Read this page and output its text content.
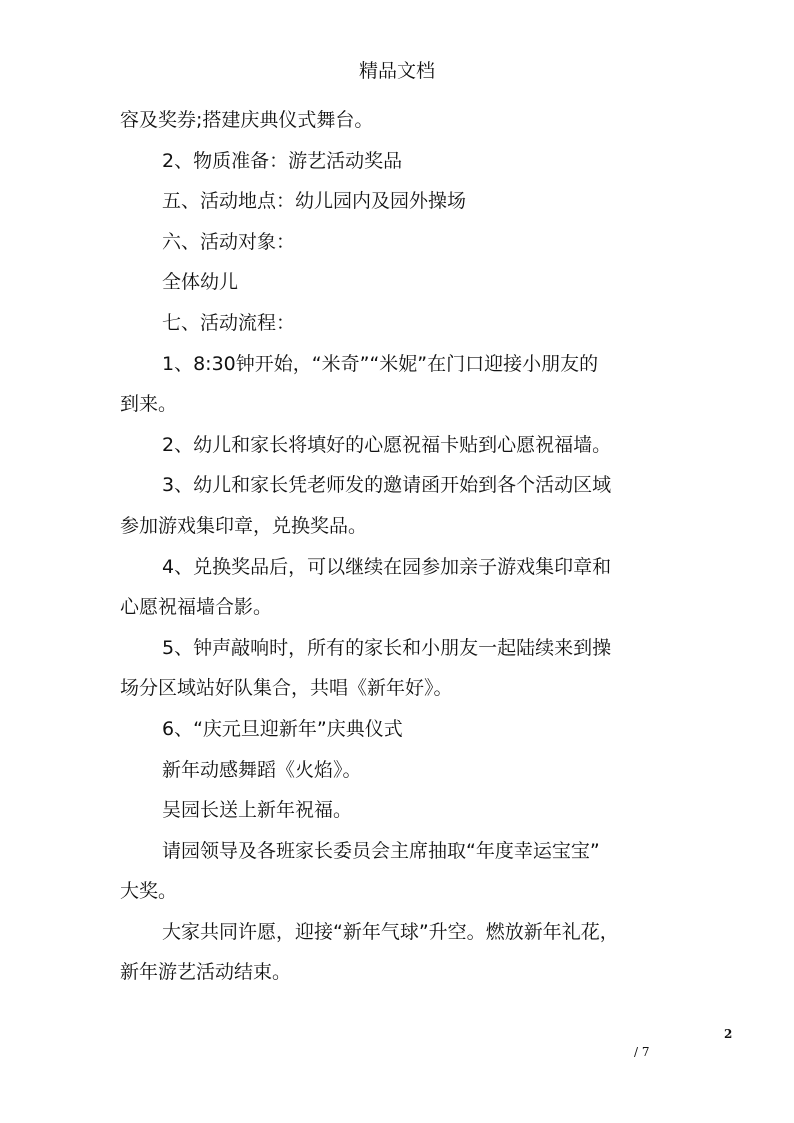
精品文档

容及奖券;搭建庆典仪式舞台。

2、物质准备：游艺活动奖品

五、活动地点：幼儿园内及园外操场

六、活动对象：

全体幼儿

七、活动流程：

1、8:30钟开始，“米奇”“米妮”在门口迎接小朋友的

到来。

2、幼儿和家长将填好的心愿祝福卡贴到心愿祝福墙。

3、幼儿和家长凭老师发的邀请函开始到各个活动区域

参加游戏集印章，兑换奖品。

4、兑换奖品后，可以继续在园参加亲子游戏集印章和

心愿祝福墙合影。

5、钟声敲响时，所有的家长和小朋友一起陆续来到操

场分区域站好队集合，共唱《新年好》。

6、“庆元旦迎新年”庆典仪式

新年动感舞蹈《火焰》。

吴园长送上新年祝福。

请园领导及各班家长委员会主席抽取“年度幸运宝宝”

大奖。

大家共同许愿，迎接“新年气球”升空。燃放新年礼花，

新年游艺活动结束。

2
/ 7
